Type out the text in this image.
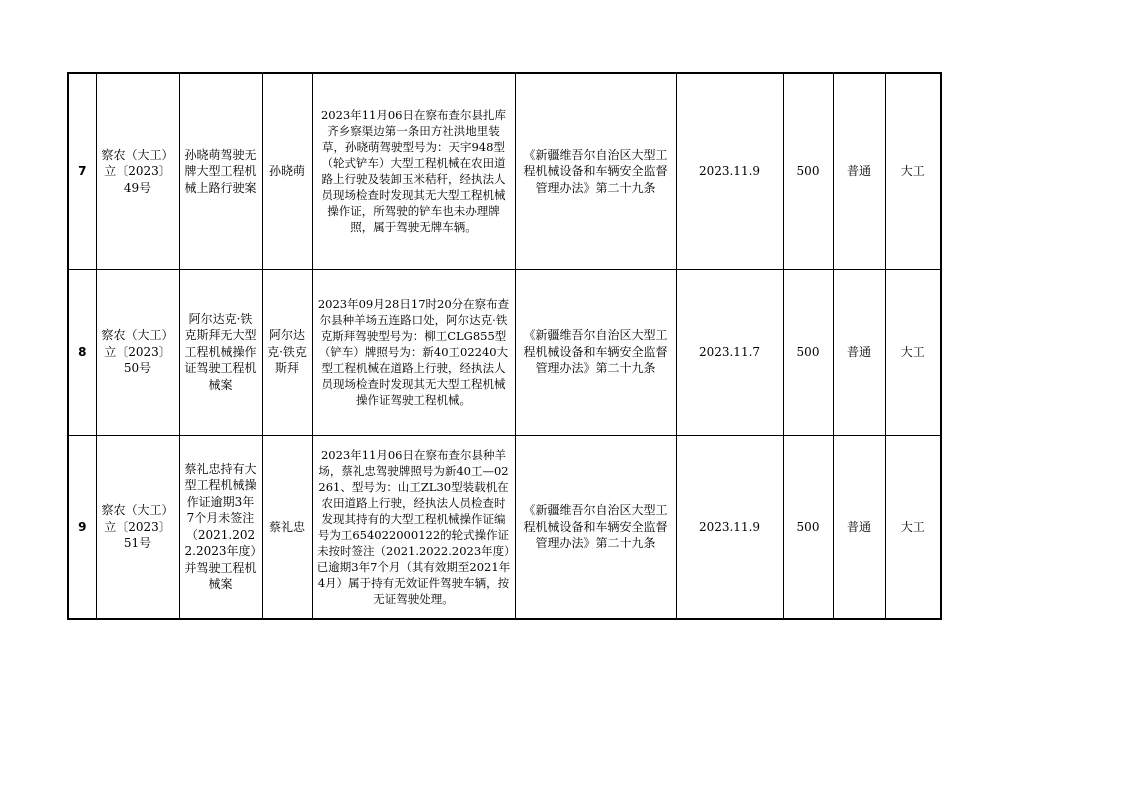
7	察农（大工）立〔2023〕49号	孙晓萌驾驶无牌大型工程机械上路行驶案	孙晓萌	2023年11月06日在察布查尔县扎库齐乡察渠边第一条田方社洪地里装草，孙晓萌驾驶型号为：天宇948型（轮式铲车）大型工程机械在农田道路上行驶及装卸玉米秸秆，经执法人员现场检查时发现其无大型工程机械操作证，所驾驶的铲车也未办理牌照，属于驾驶无牌车辆。	《新疆维吾尔自治区大型工程机械设备和车辆安全监督管理办法》第二十九条	2023.11.9	500	普通	大工
8	察农（大工）立〔2023〕50号	阿尔达克·铁克斯拜无大型工程机械操作证驾驶工程机械案	阿尔达克·铁克斯拜	2023年09月28日17时20分在察布查尔县种羊场五连路口处，阿尔达克·铁克斯拜驾驶型号为：柳工CLG855型（铲车）牌照号为：新40工02240大型工程机械在道路上行驶，经执法人员现场检查时发现其无大型工程机械操作证驾驶工程机械。	《新疆维吾尔自治区大型工程机械设备和车辆安全监督管理办法》第二十九条	2023.11.7	500	普通	大工
9	察农（大工）立〔2023〕51号	蔡礼忠持有大型工程机械操作证逾期3年7个月未签注（2021.2022.2023年度）并驾驶工程机械案	蔡礼忠	2023年11月06日在察布查尔县种羊场，蔡礼忠驾驶牌照号为新40工—02261、型号为：山工ZL30型装载机在农田道路上行驶，经执法人员检查时发现其持有的大型工程机械操作证编号为工654022000122的轮式操作证未按时签注（2021.2022.2023年度）已逾期3年7个月（其有效期至2021年4月）属于持有无效证件驾驶车辆，按无证驾驶处理。	《新疆维吾尔自治区大型工程机械设备和车辆安全监督管理办法》第二十九条	2023.11.9	500	普通	大工
